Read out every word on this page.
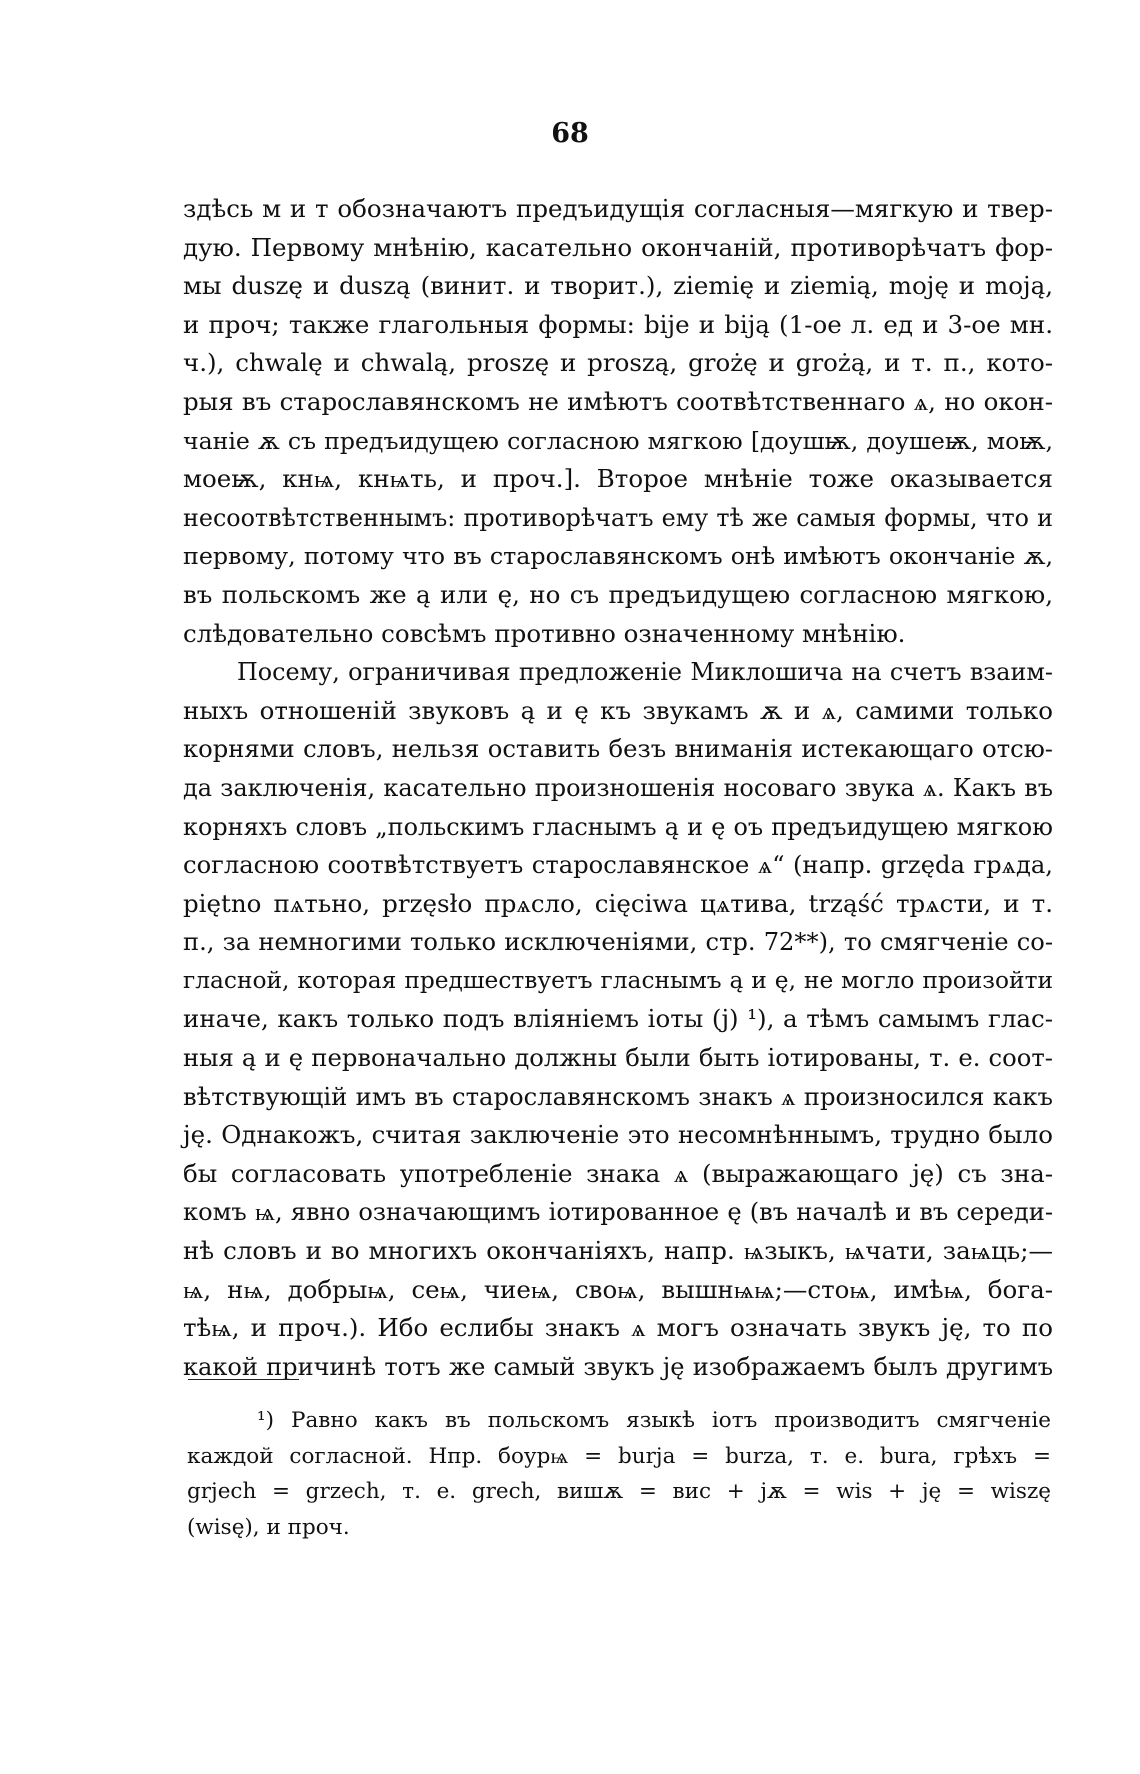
68
здѣсь м и т обозначаютъ предъидущія согласныя—мягкую и твер-
дую. Первому мнѣнію, касательно окончаній, противорѣчатъ фор-
мы duszę и duszą (винит. и творит.), ziemię и ziemią, moję и moją,
и проч; также глагольныя формы: bije и biją (1-ое л. ед и 3-ое мн.
ч.), chwalę и chwalą, proszę и proszą, grożę и grożą, и т. п., кото-
рыя въ старославянскомъ не имѣютъ соотвѣтственнаго ѧ, но окон-
чаніе ѫ съ предъидущею согласною мягкою [доушѭ, доушеѭ, моѭ,
моеѭ, кнѩ, кнѩть, и проч.]. Второе мнѣніе тоже оказывается
несоотвѣтственнымъ: противорѣчатъ ему тѣ же самыя формы, что и
первому, потому что въ старославянскомъ онѣ имѣютъ окончаніе ѫ,
въ польскомъ же ą или ę, но съ предъидущею согласною мягкою,
слѣдовательно совсѣмъ противно означенному мнѣнію.
Посему, ограничивая предложеніе Миклошича на счетъ взаим-
ныхъ отношеній звуковъ ą и ę къ звукамъ ѫ и ѧ, самими только
корнями словъ, нельзя оставить безъ вниманія истекающаго отсю-
да заключенія, касательно произношенія носоваго звука ѧ. Какъ въ
корняхъ словъ „польскимъ гласнымъ ą и ę оъ предъидущею мягкою
согласною соотвѣтствуетъ старославянское ѧ“ (напр. grzęda грѧда,
piętno пѧтьно, przęsło прѧсло, cięciwa цѧтива, trząść трѧсти, и т.
п., за немногими только исключеніями, стр. 72**), то смягченіе со-
гласной, которая предшествуетъ гласнымъ ą и ę, не могло произойти
иначе, какъ только подъ вліяніемъ іоты (j) ¹), а тѣмъ самымъ глас-
ныя ą и ę первоначально должны были быть іотированы, т. е. соот-
вѣтствующій имъ въ старославянскомъ знакъ ѧ произносился какъ
ję. Однакожъ, считая заключеніе это несомнѣннымъ, трудно было
бы согласовать употребленіе знака ѧ (выражающаго ję) съ зна-
комъ ѩ, явно означающимъ іотированное ę (въ началѣ и въ середи-
нѣ словъ и во многихъ окончаніяхъ, напр. ѩзыкъ, ѩчати, заѩць;—
ѩ, нѩ, добрыѩ, сеѩ, чиеѩ, своѩ, вышнѩѩ;—стоѩ, имѣѩ, бога-
тѣѩ, и проч.). Ибо еслибы знакъ ѧ могъ означать звукъ ję, то по
какой причинѣ тотъ же самый звукъ ję изображаемъ былъ другимъ
¹) Равно какъ въ польскомъ языкѣ іотъ производитъ смягченіе
каждой согласной. Нпр. боурѩ = burja = burza, т. е. bura, грѣхъ =
grjech = grzech, т. е. grech, вишѫ = вис + јѫ = wis + ję = wiszę
(wisę), и проч.
